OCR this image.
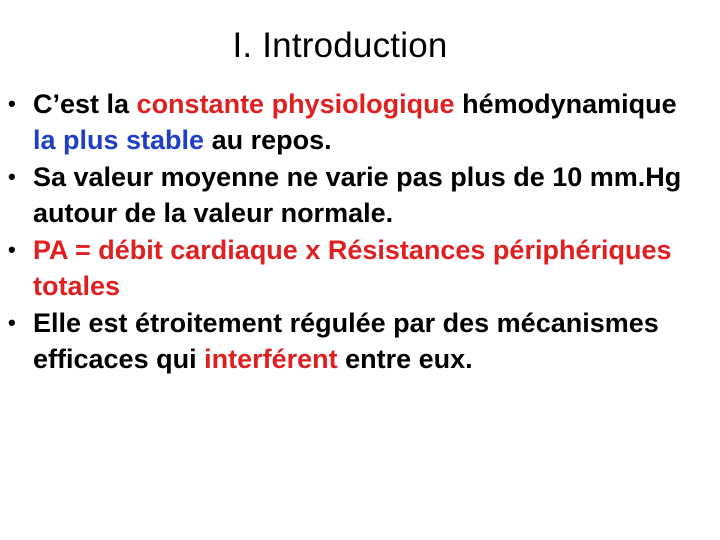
I. Introduction
• C’est la constante physiologique hémodynamique la plus stable au repos.
• Sa valeur moyenne ne varie pas plus de 10 mm.Hg autour de la valeur normale.
• PA = débit cardiaque x Résistances périphériques totales
• Elle est étroitement régulée par des mécanismes efficaces qui interférent entre eux.
